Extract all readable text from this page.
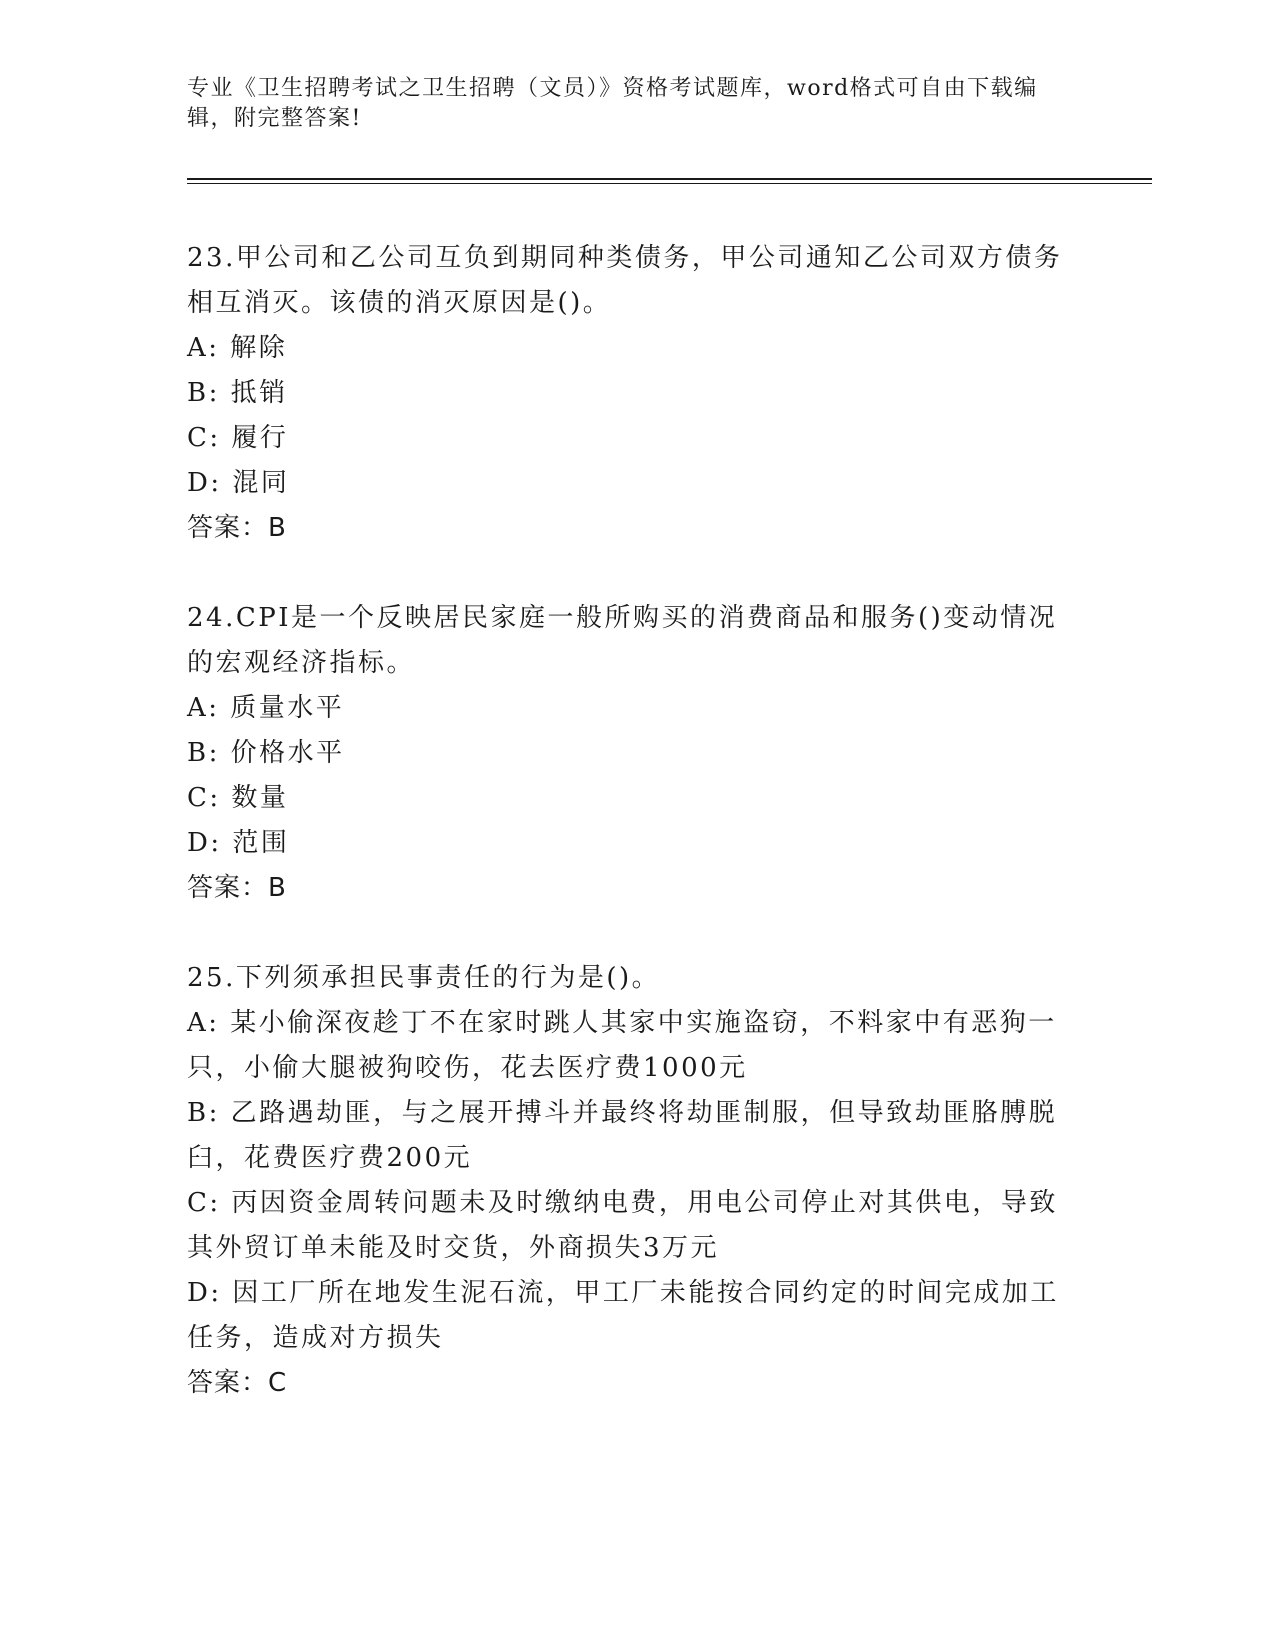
专业《卫生招聘考试之卫生招聘（文员）》资格考试题库，word格式可自由下载编辑，附完整答案!
23.甲公司和乙公司互负到期同种类债务，甲公司通知乙公司双方债务相互消灭。该债的消灭原因是()。
A: 解除
B: 抵销
C: 履行
D: 混同
答案：B
24.CPI是一个反映居民家庭一般所购买的消费商品和服务()变动情况的宏观经济指标。
A: 质量水平
B: 价格水平
C: 数量
D: 范围
答案：B
25.下列须承担民事责任的行为是()。
A: 某小偷深夜趁丁不在家时跳人其家中实施盗窃，不料家中有恶狗一只，小偷大腿被狗咬伤，花去医疗费1000元
B: 乙路遇劫匪，与之展开搏斗并最终将劫匪制服，但导致劫匪胳膊脱臼，花费医疗费200元
C: 丙因资金周转问题未及时缴纳电费，用电公司停止对其供电，导致其外贸订单未能及时交货，外商损失3万元
D: 因工厂所在地发生泥石流，甲工厂未能按合同约定的时间完成加工任务，造成对方损失
答案：C
